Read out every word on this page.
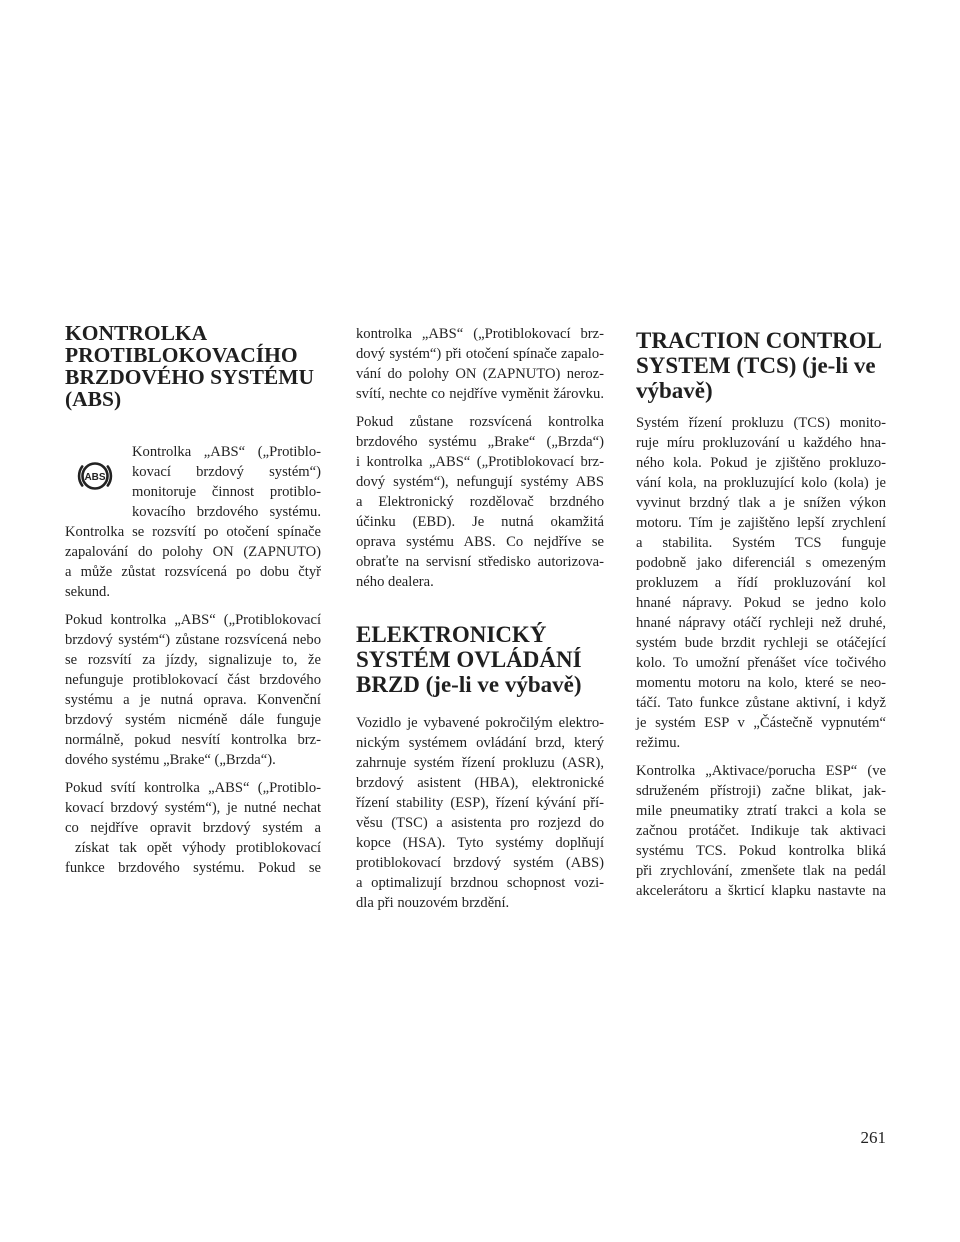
KONTROLKA
PROTIBLOKOVACÍHO
BRZDOVÉHO SYSTÉMU
(ABS)
ABS

Kontrolka „ABS“ („Protiblo-
kovací brzdový systém“)
monitoruje činnost protiblo-
kovacího brzdového systému.

Kontrolka se rozsvítí po otočení spínače
zapalování do polohy ON (ZAPNUTO)
a může zůstat rozsvícená po dobu čtyř
sekund.

Pokud kontrolka „ABS“ („Protiblokovací
brzdový systém“) zůstane rozsvícená nebo
se rozsvítí za jízdy, signalizuje to, že
nefunguje protiblokovací část brzdového
systému a je nutná oprava. Konvenční
brzdový systém nicméně dále funguje
normálně, pokud nesvítí kontrolka brz-
dového systému „Brake“ („Brzda“).

Pokud svítí kontrolka „ABS“ („Protiblo-
kovací brzdový systém“), je nutné nechat
co nejdříve opravit brzdový systém a
získat tak opět výhody protiblokovací
funkce brzdového systému. Pokud se

kontrolka „ABS“ („Protiblokovací brz-
dový systém“) při otočení spínače zapalo-
vání do polohy ON (ZAPNUTO) neroz-
svítí, nechte co nejdříve vyměnit žárovku.

Pokud zůstane rozsvícená kontrolka
brzdového systému „Brake“ („Brzda“)
i kontrolka „ABS“ („Protiblokovací brz-
dový systém“), nefungují systémy ABS
a Elektronický rozdělovač brzdného
účinku (EBD). Je nutná okamžitá
oprava systému ABS. Co nejdříve se
obraťte na servisní středisko autorizova-
ného dealera.

ELEKTRONICKÝ
SYSTÉM OVLÁDÁNÍ
BRZD (je-li ve výbavě)

Vozidlo je vybavené pokročilým elektro-
nickým systémem ovládání brzd, který
zahrnuje systém řízení prokluzu (ASR),
brzdový asistent (HBA), elektronické
řízení stability (ESP), řízení kývání pří-
věsu (TSC) a asistenta pro rozjezd do
kopce (HSA). Tyto systémy doplňují
protiblokovací brzdový systém (ABS)
a optimalizují brzdnou schopnost vozi-
dla při nouzovém brzdění.

TRACTION CONTROL
SYSTEM (TCS) (je-li ve
výbavě)

Systém řízení prokluzu (TCS) monito-
ruje míru prokluzování u každého hna-
ného kola. Pokud je zjištěno prokluzo-
vání kola, na prokluzující kolo (kola) je
vyvinut brzdný tlak a je snížen výkon
motoru. Tím je zajištěno lepší zrychlení
a stabilita. Systém TCS funguje
podobně jako diferenciál s omezeným
prokluzem a řídí prokluzování kol
hnané nápravy. Pokud se jedno kolo
hnané nápravy otáčí rychleji než druhé,
systém bude brzdit rychleji se otáčející
kolo. To umožní přenášet více točivého
momentu motoru na kolo, které se neo-
táčí. Tato funkce zůstane aktivní, i když
je systém ESP v „Částečně vypnutém“
režimu.

Kontrolka „Aktivace/porucha ESP“ (ve
sdruženém přístroji) začne blikat, jak-
mile pneumatiky ztratí trakci a kola se
začnou protáčet. Indikuje tak aktivaci
systému TCS. Pokud kontrolka bliká
při zrychlování, zmenšete tlak na pedál
akcelerátoru a škrticí klapku nastavte na

261
